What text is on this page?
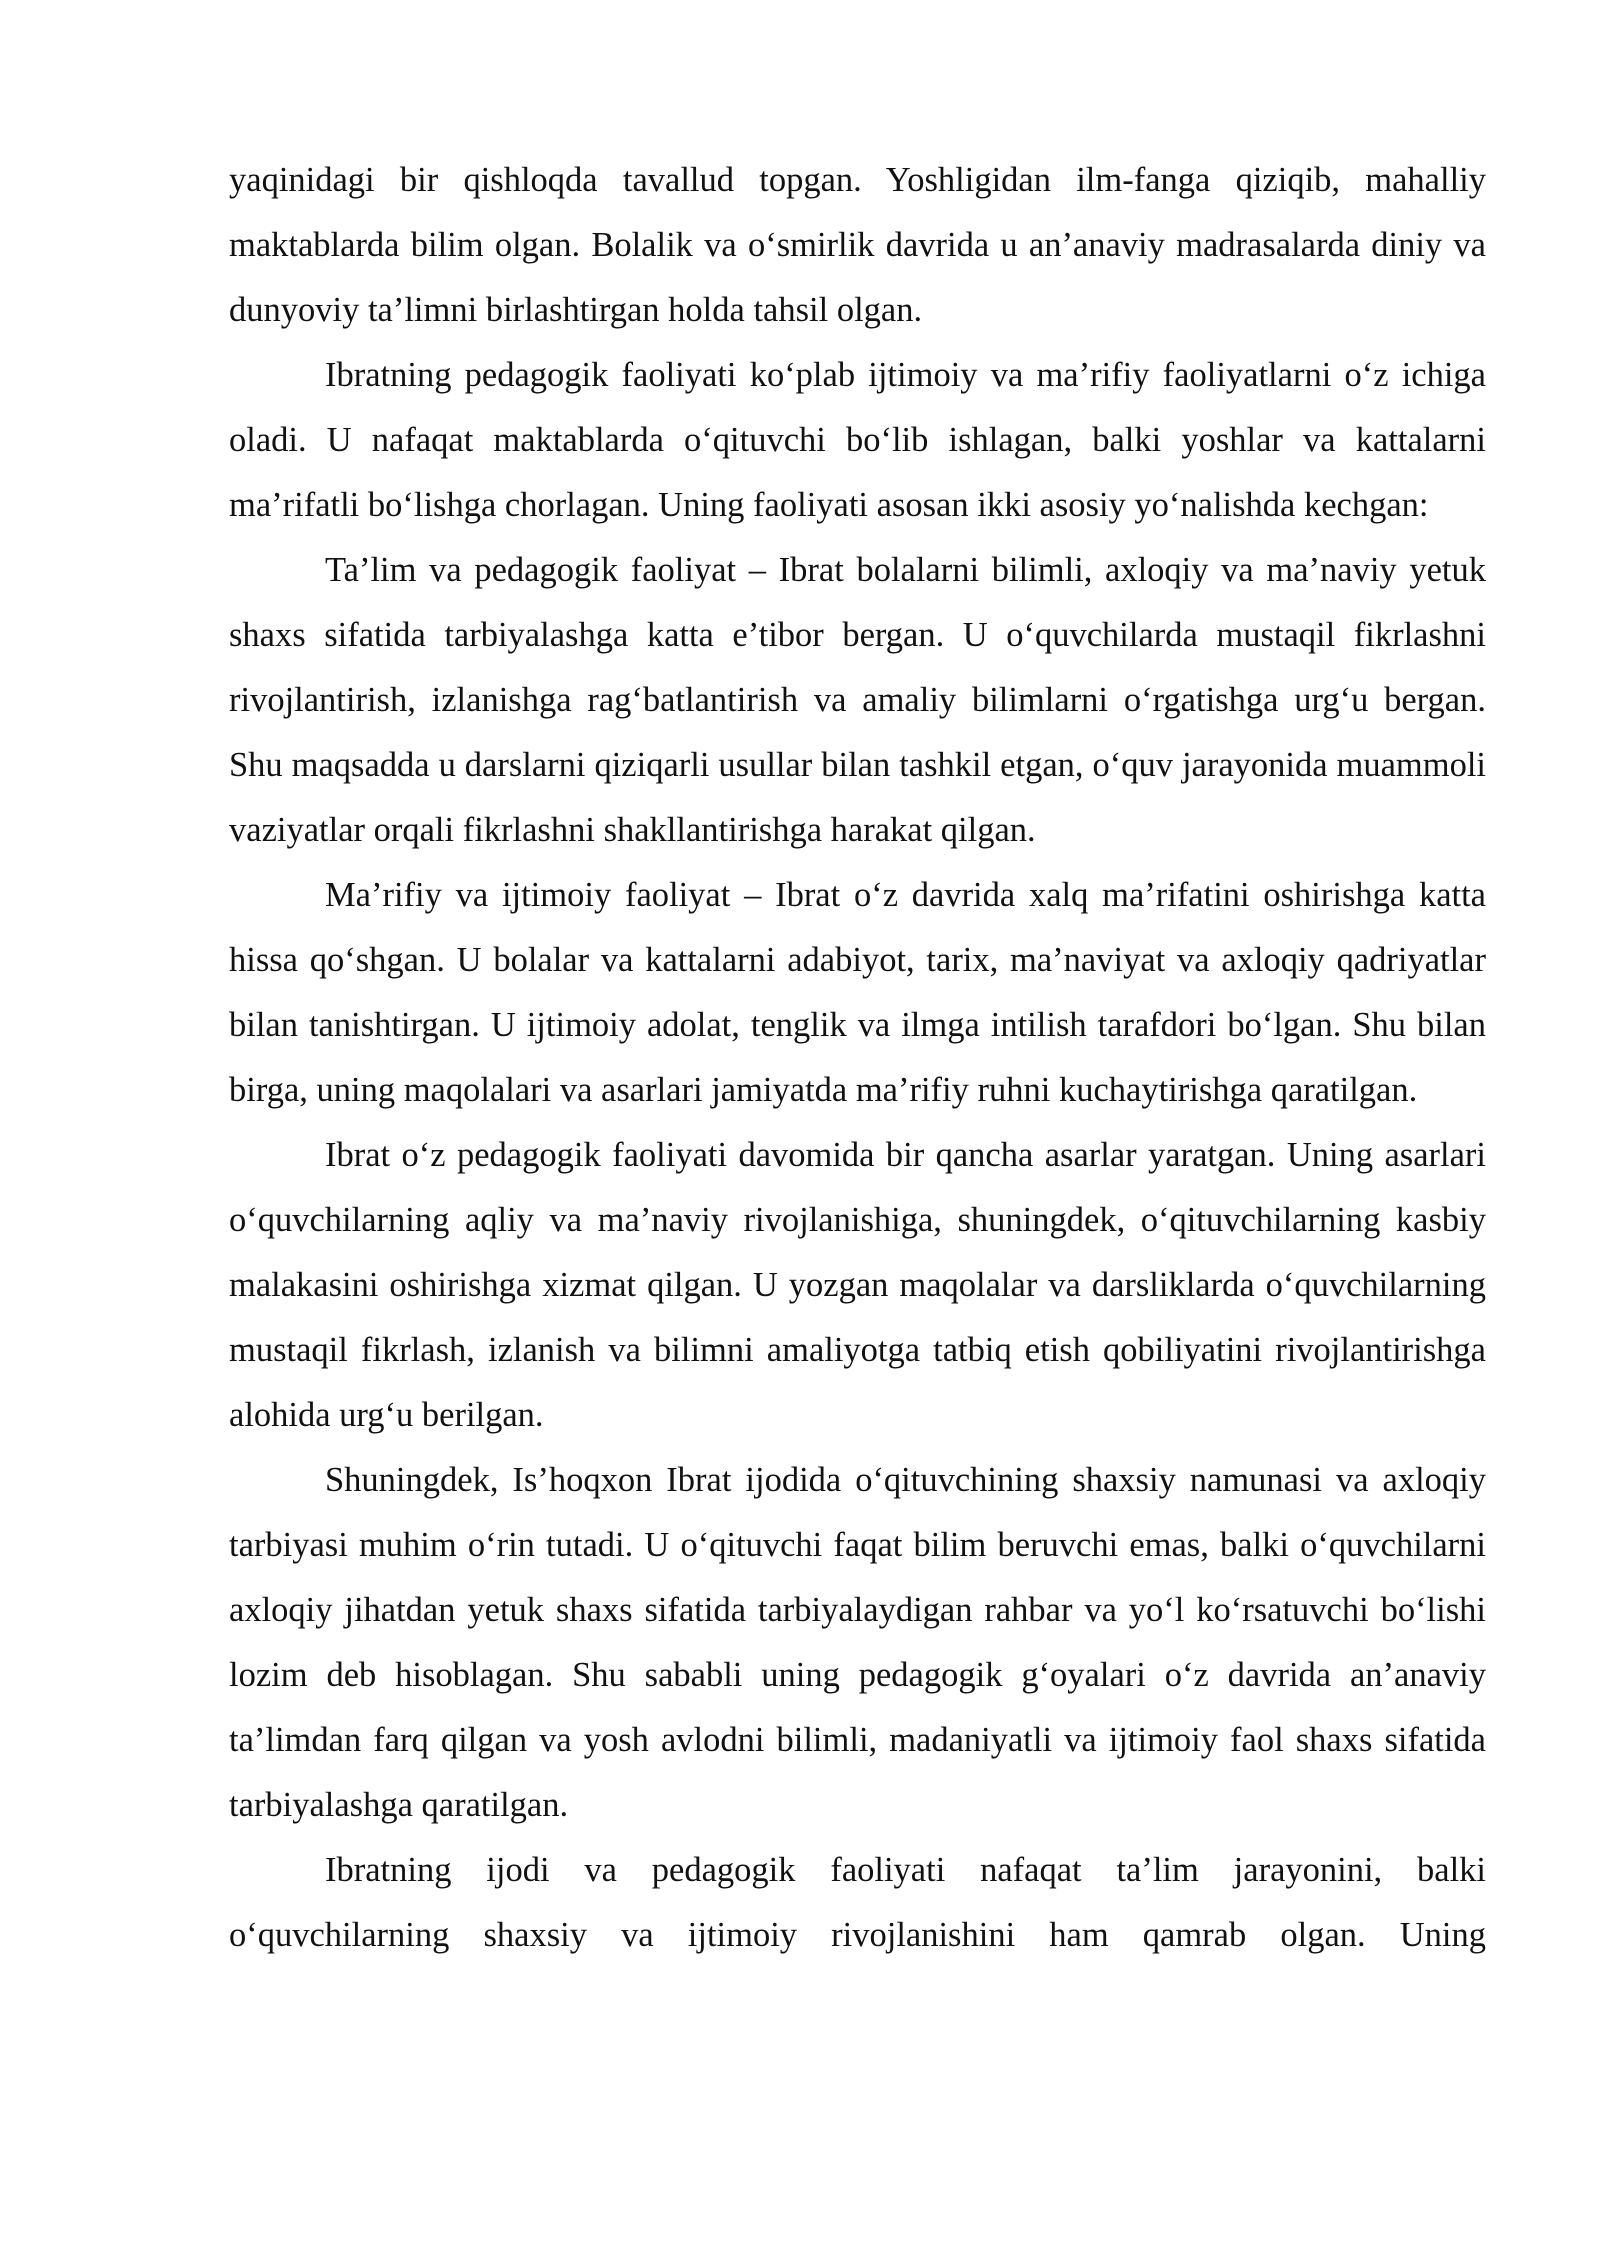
yaqinidagi bir qishloqda tavallud topgan. Yoshligidan ilm-fanga qiziqib, mahalliy maktablarda bilim olgan. Bolalik va o‘smirlik davrida u an’anaviy madrasalarda diniy va dunyoviy ta’limni birlashtirgan holda tahsil olgan.

Ibratning pedagogik faoliyati ko‘plab ijtimoiy va ma’rifiy faoliyatlarni o‘z ichiga oladi. U nafaqat maktablarda o‘qituvchi bo‘lib ishlagan, balki yoshlar va kattalarni ma’rifatli bo‘lishga chorlagan. Uning faoliyati asosan ikki asosiy yo‘nalishda kechgan:

Ta’lim va pedagogik faoliyat – Ibrat bolalarni bilimli, axloqiy va ma’naviy yetuk shaxs sifatida tarbiyalashga katta e’tibor bergan. U o‘quvchilarda mustaqil fikrlashni rivojlantirish, izlanishga rag‘batlantirish va amaliy bilimlarni o‘rgatishga urg‘u bergan. Shu maqsadda u darslarni qiziqarli usullar bilan tashkil etgan, o‘quv jarayonida muammoli vaziyatlar orqali fikrlashni shakllantirishga harakat qilgan.

Ma’rifiy va ijtimoiy faoliyat – Ibrat o‘z davrida xalq ma’rifatini oshirishga katta hissa qo‘shgan. U bolalar va kattalarni adabiyot, tarix, ma’naviyat va axloqiy qadriyatlar bilan tanishtirgan. U ijtimoiy adolat, tenglik va ilmga intilish tarafdori bo‘lgan. Shu bilan birga, uning maqolalari va asarlari jamiyatda ma’rifiy ruhni kuchaytirishga qaratilgan.

Ibrat o‘z pedagogik faoliyati davomida bir qancha asarlar yaratgan. Uning asarlari o‘quvchilarning aqliy va ma’naviy rivojlanishiga, shuningdek, o‘qituvchilarning kasbiy malakasini oshirishga xizmat qilgan. U yozgan maqolalar va darsliklarda o‘quvchilarning mustaqil fikrlash, izlanish va bilimni amaliyotga tatbiq etish qobiliyatini rivojlantirishga alohida urg‘u berilgan.

Shuningdek, Is’hoqxon Ibrat ijodida o‘qituvchining shaxsiy namunasi va axloqiy tarbiyasi muhim o‘rin tutadi. U o‘qituvchi faqat bilim beruvchi emas, balki o‘quvchilarni axloqiy jihatdan yetuk shaxs sifatida tarbiyalaydigan rahbar va yo‘l ko‘rsatuvchi bo‘lishi lozim deb hisoblagan. Shu sababli uning pedagogik g‘oyalari o‘z davrida an’anaviy ta’limdan farq qilgan va yosh avlodni bilimli, madaniyatli va ijtimoiy faol shaxs sifatida tarbiyalashga qaratilgan.

Ibratning ijodi va pedagogik faoliyati nafaqat ta’lim jarayonini, balki o‘quvchilarning shaxsiy va ijtimoiy rivojlanishini ham qamrab olgan. Uning
